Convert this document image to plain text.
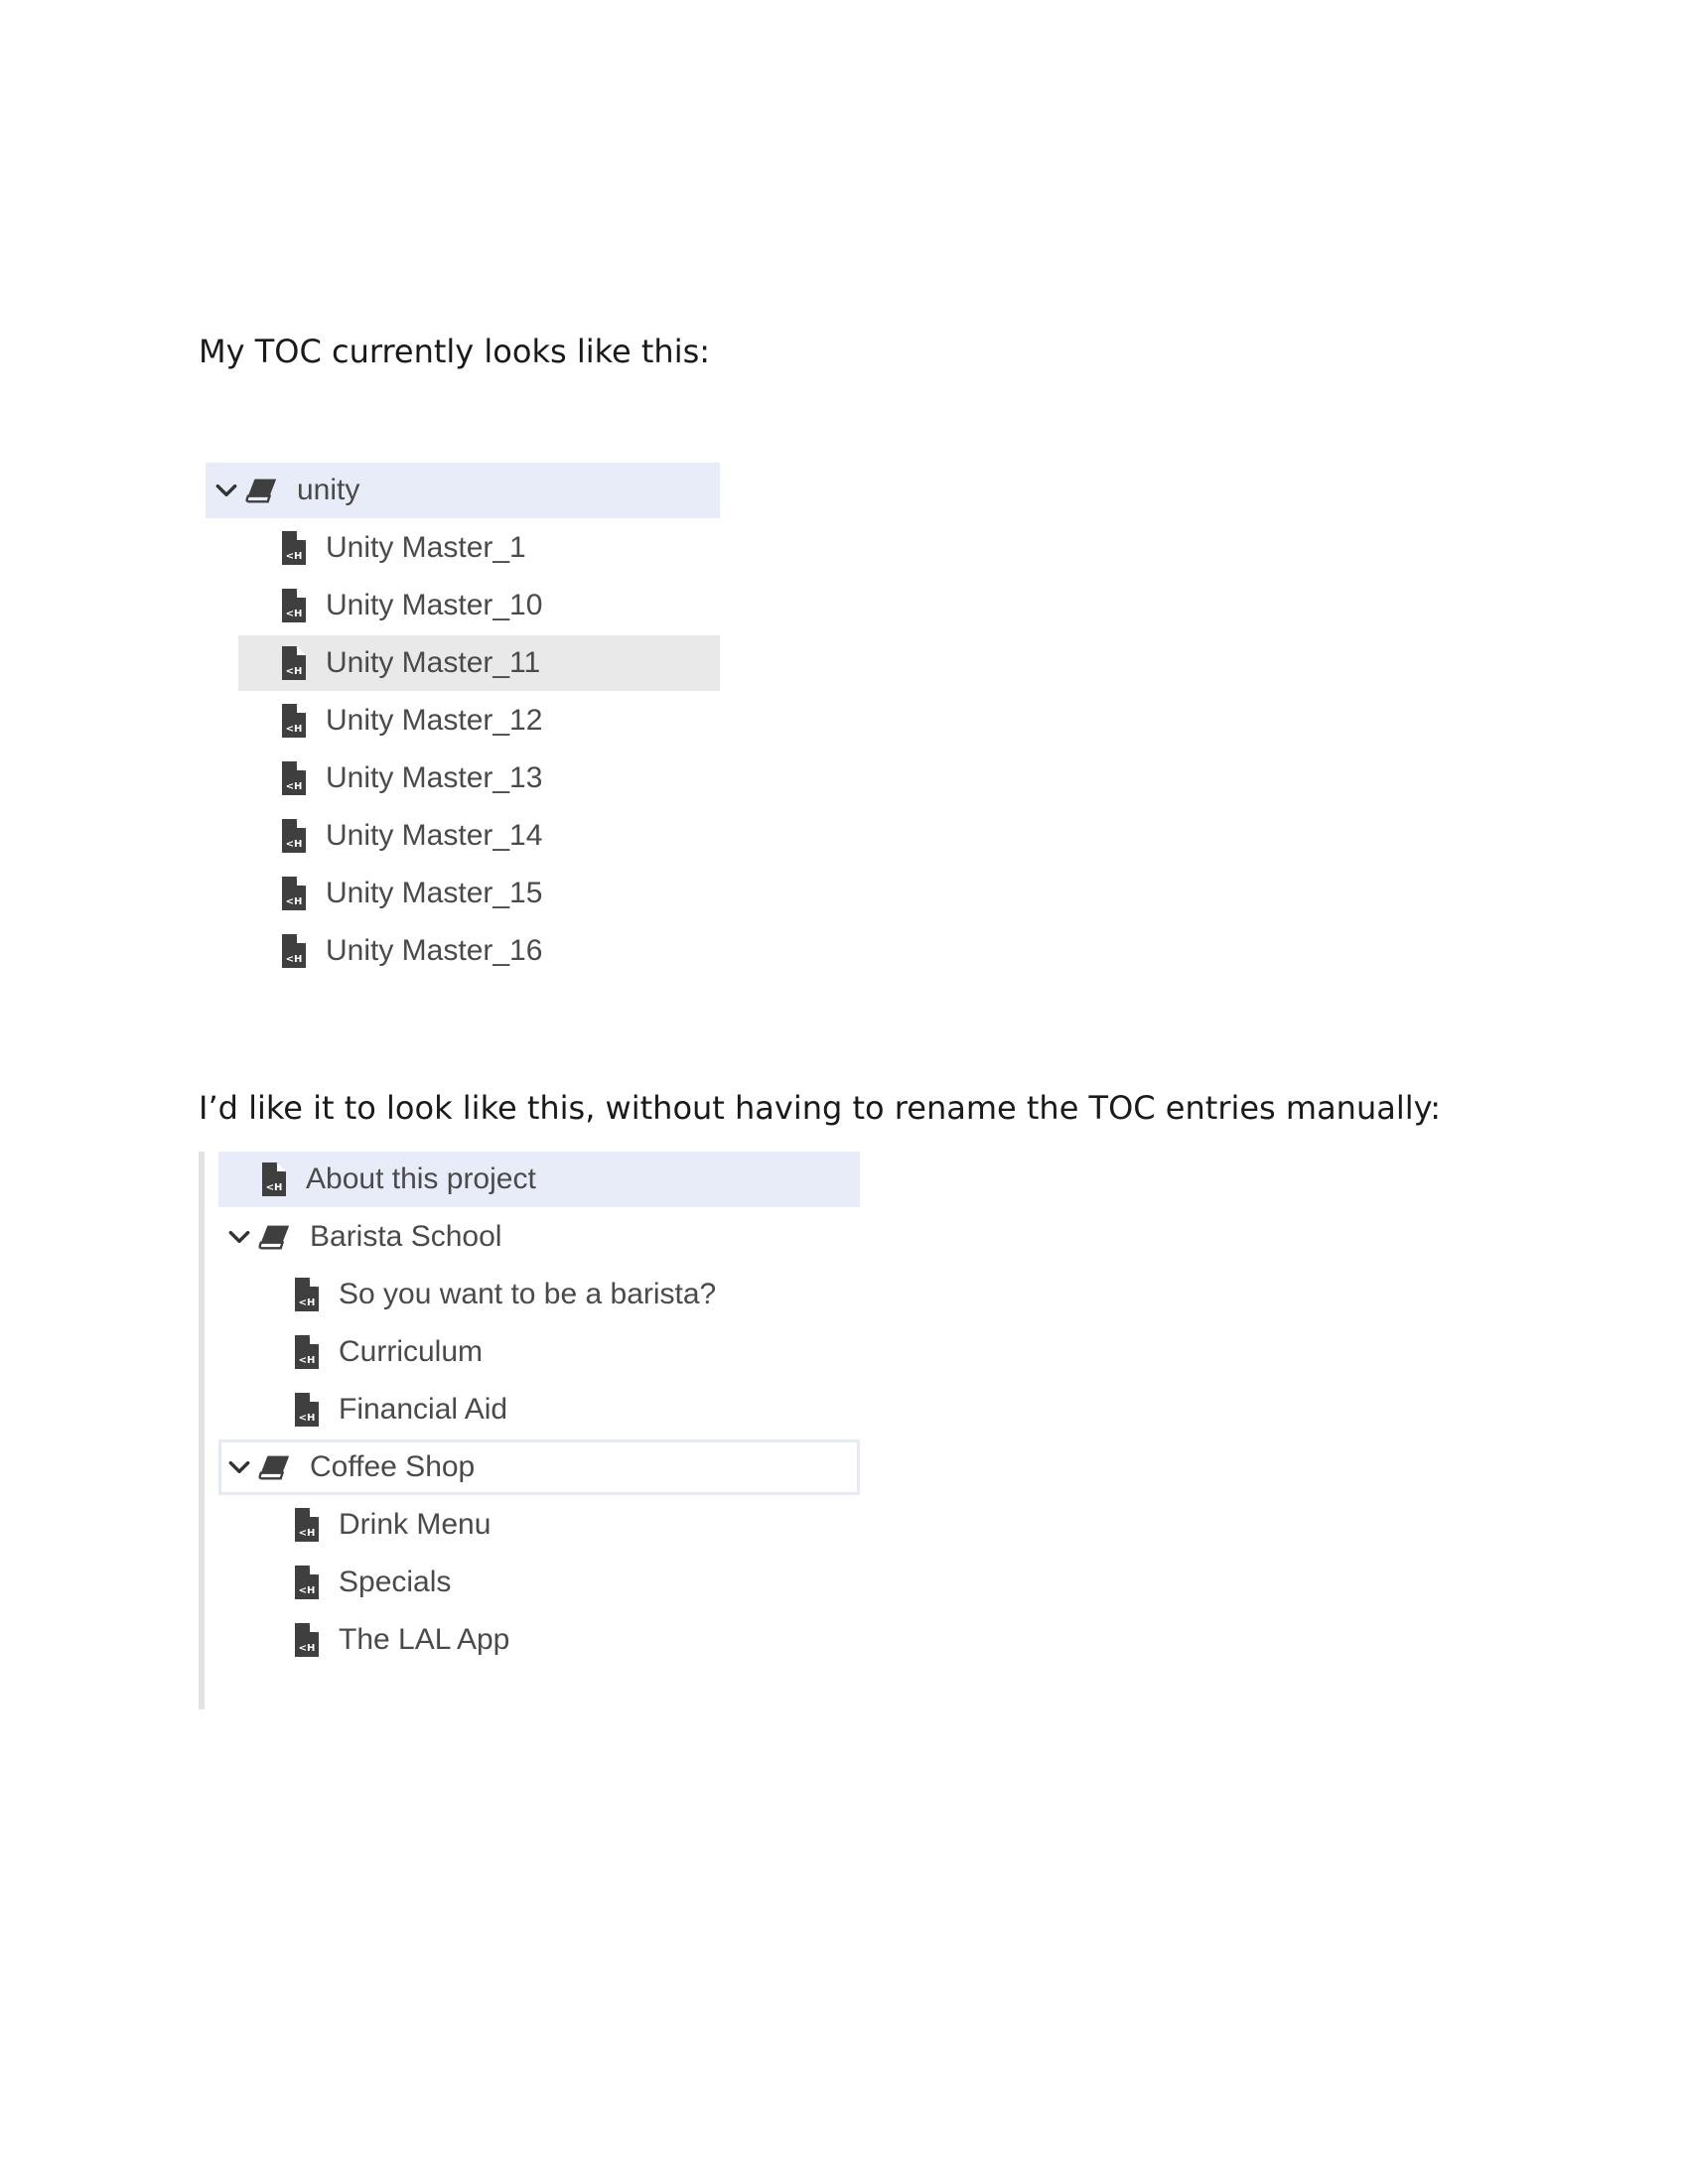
My TOC currently looks like this:

unity
Unity Master_1
Unity Master_10
Unity Master_11
Unity Master_12
Unity Master_13
Unity Master_14
Unity Master_15
Unity Master_16

I’d like it to look like this, without having to rename the TOC entries manually:

About this project
Barista School
So you want to be a barista?
Curriculum
Financial Aid
Coffee Shop
Drink Menu
Specials
The LAL App
